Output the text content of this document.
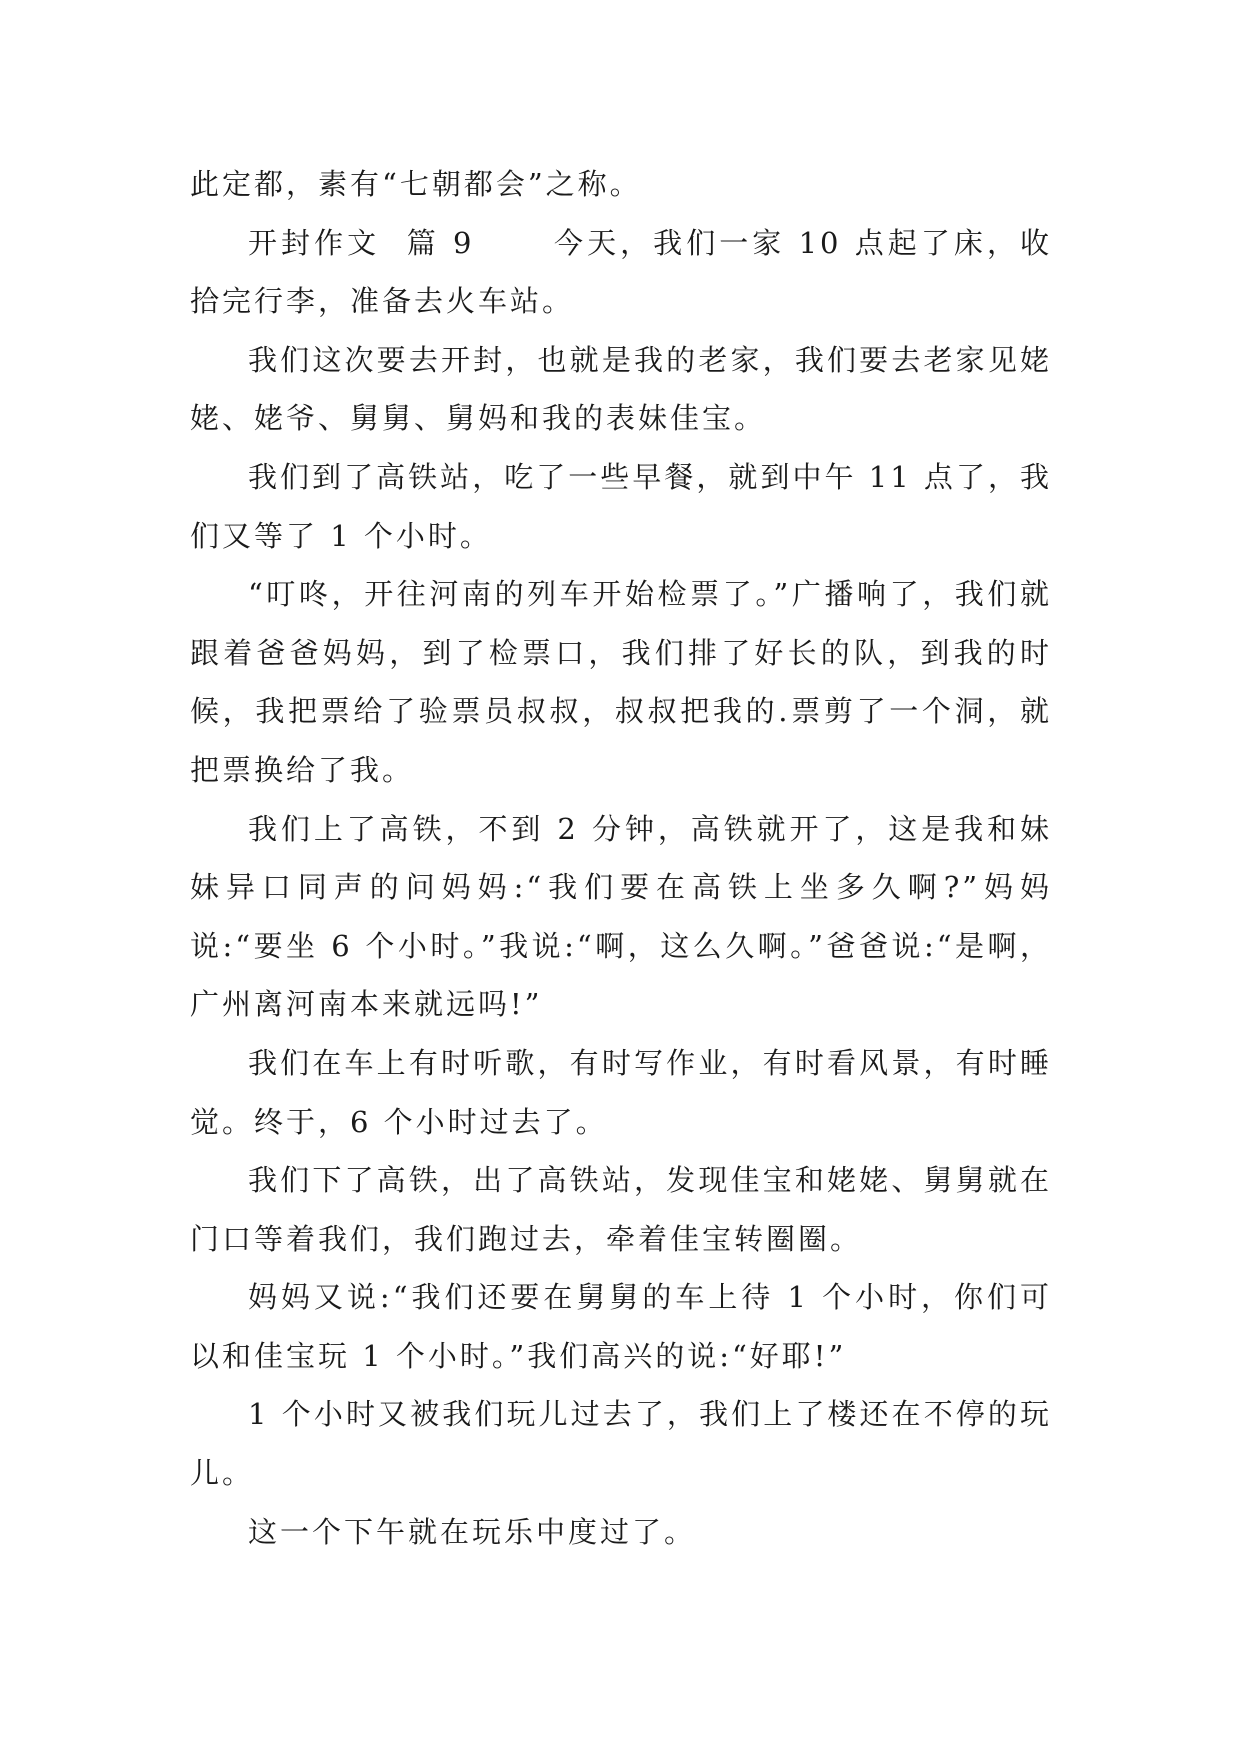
此定都，素有“七朝都会”之称。

开封作文  篇 9      今天，我们一家 10 点起了床，收拾完行李，准备去火车站。

我们这次要去开封，也就是我的老家，我们要去老家见姥姥、姥爷、舅舅、舅妈和我的表妹佳宝。

我们到了高铁站，吃了一些早餐，就到中午 11 点了，我们又等了 1 个小时。

“叮咚，开往河南的列车开始检票了。”广播响了，我们就跟着爸爸妈妈，到了检票口，我们排了好长的队，到我的时候，我把票给了验票员叔叔，叔叔把我的.票剪了一个洞，就把票换给了我。

我们上了高铁，不到 2 分钟，高铁就开了，这是我和妹妹异口同声的问妈妈:“我们要在高铁上坐多久啊?”妈妈说:“要坐 6 个小时。”我说:“啊，这么久啊。”爸爸说:“是啊，广州离河南本来就远吗!”

我们在车上有时听歌，有时写作业，有时看风景，有时睡觉。终于，6 个小时过去了。

我们下了高铁，出了高铁站，发现佳宝和姥姥、舅舅就在门口等着我们，我们跑过去，牵着佳宝转圈圈。

妈妈又说:“我们还要在舅舅的车上待 1 个小时，你们可以和佳宝玩 1 个小时。”我们高兴的说:“好耶!”

1 个小时又被我们玩儿过去了，我们上了楼还在不停的玩儿。

这一个下午就在玩乐中度过了。
